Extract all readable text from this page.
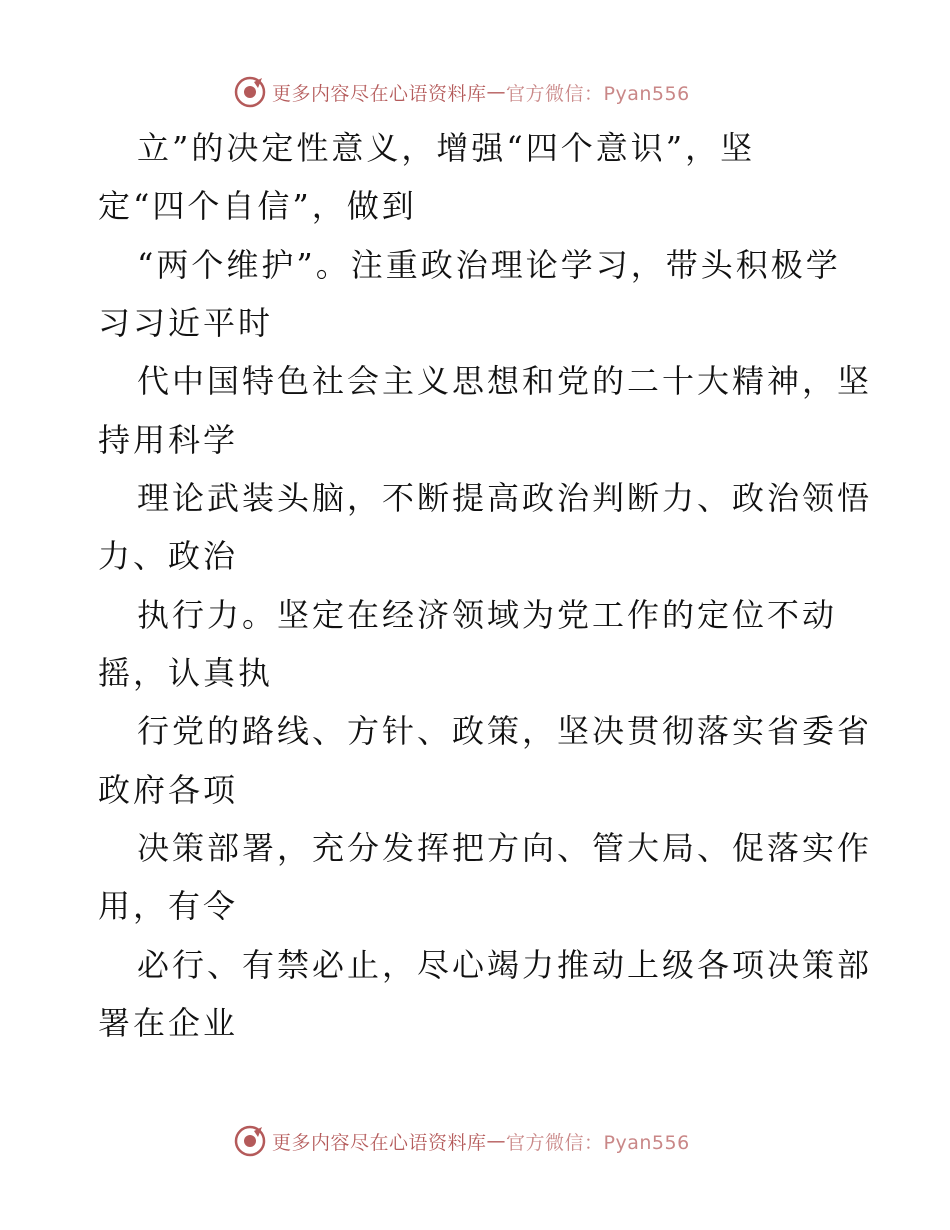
更多内容尽在心语资料库 — 官方微信：Pyan556
立”的决定性意义，增强“四个意识”，坚
定“四个自信”，做到
“两个维护”。注重政治理论学习，带头积极学
习习近平时
代中国特色社会主义思想和党的二十大精神，坚
持用科学
理论武装头脑，不断提高政治判断力、政治领悟
力、政治
执行力。坚定在经济领域为党工作的定位不动
摇，认真执
行党的路线、方针、政策，坚决贯彻落实省委省
政府各项
决策部署，充分发挥把方向、管大局、促落实作
用，有令
必行、有禁必止，尽心竭力推动上级各项决策部
署在企业
更多内容尽在心语资料库 — 官方微信：Pyan556
